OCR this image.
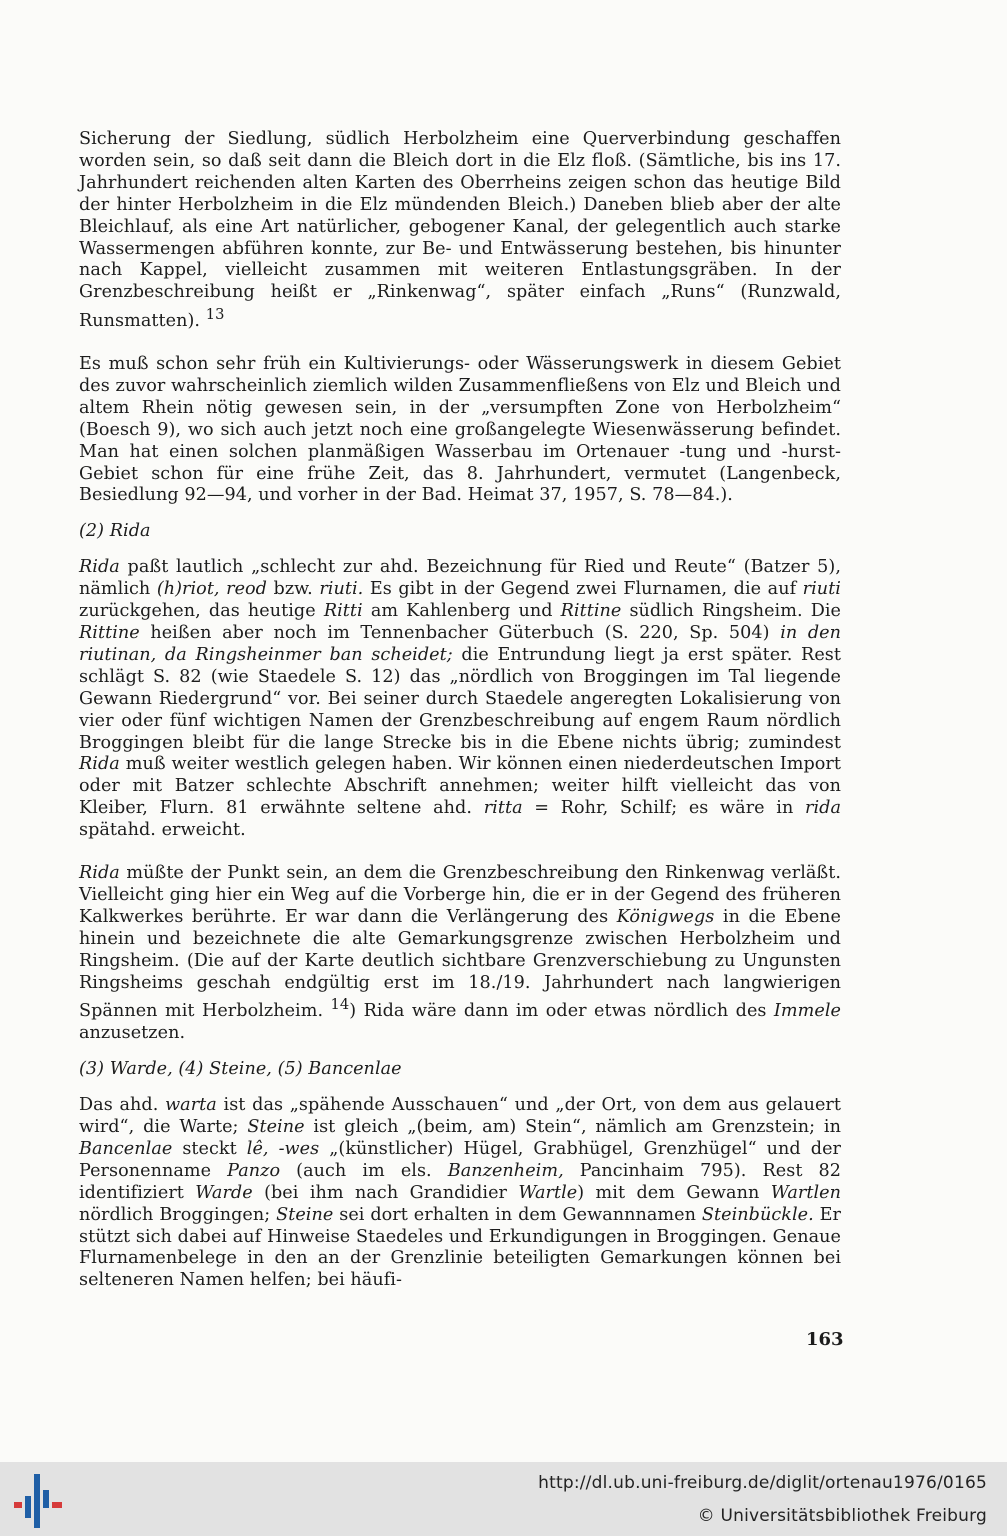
Sicherung der Siedlung, südlich Herbolzheim eine Querverbindung geschaffen worden sein, so daß seit dann die Bleich dort in die Elz floß. (Sämtliche, bis ins 17. Jahrhundert reichenden alten Karten des Oberrheins zeigen schon das heutige Bild der hinter Herbolzheim in die Elz mündenden Bleich.) Daneben blieb aber der alte Bleichlauf, als eine Art natürlicher, gebogener Kanal, der gelegentlich auch starke Wassermengen abführen konnte, zur Be- und Entwässerung bestehen, bis hinunter nach Kappel, vielleicht zusammen mit weiteren Entlastungsgräben. In der Grenzbeschreibung heißt er „Rinkenwag“, später einfach „Runs“ (Runzwald, Runsmatten). $^{13}$

Es muß schon sehr früh ein Kultivierungs- oder Wässerungswerk in diesem Gebiet des zuvor wahrscheinlich ziemlich wilden Zusammenfließens von Elz und Bleich und altem Rhein nötig gewesen sein, in der „versumpften Zone von Herbolzheim“ (Boesch 9), wo sich auch jetzt noch eine großangelegte Wiesenwässerung befindet. Man hat einen solchen planmäßigen Wasserbau im Ortenauer -tung und -hurst-Gebiet schon für eine frühe Zeit, das 8. Jahrhundert, vermutet (Langenbeck, Besiedlung 92—94, und vorher in der Bad. Heimat 37, 1957, S. 78—84.).

(2) Rida

Rida paßt lautlich „schlecht zur ahd. Bezeichnung für Ried und Reute“ (Batzer 5), nämlich (h)riot, reod bzw. riuti. Es gibt in der Gegend zwei Flurnamen, die auf riuti zurückgehen, das heutige Ritti am Kahlenberg und Rittine südlich Ringsheim. Die Rittine heißen aber noch im Tennenbacher Güterbuch (S. 220, Sp. 504) in den riutinan, da Ringsheinmer ban scheidet; die Entrundung liegt ja erst später. Rest schlägt S. 82 (wie Staedele S. 12) das „nördlich von Broggingen im Tal liegende Gewann Riedergrund“ vor. Bei seiner durch Staedele angeregten Lokalisierung von vier oder fünf wichtigen Namen der Grenzbeschreibung auf engem Raum nördlich Broggingen bleibt für die lange Strecke bis in die Ebene nichts übrig; zumindest Rida muß weiter westlich gelegen haben. Wir können einen niederdeutschen Import oder mit Batzer schlechte Abschrift annehmen; weiter hilft vielleicht das von Kleiber, Flurn. 81 erwähnte seltene ahd. ritta = Rohr, Schilf; es wäre in rida spätahd. erweicht.

Rida müßte der Punkt sein, an dem die Grenzbeschreibung den Rinkenwag verläßt. Vielleicht ging hier ein Weg auf die Vorberge hin, die er in der Gegend des früheren Kalkwerkes berührte. Er war dann die Verlängerung des Königwegs in die Ebene hinein und bezeichnete die alte Gemarkungsgrenze zwischen Herbolzheim und Ringsheim. (Die auf der Karte deutlich sichtbare Grenzverschiebung zu Ungunsten Ringsheims geschah endgültig erst im 18./19. Jahrhundert nach langwierigen Spännen mit Herbolzheim. $^{14}$) Rida wäre dann im oder etwas nördlich des Immele anzusetzen.

(3) Warde, (4) Steine, (5) Bancenlae

Das ahd. warta ist das „spähende Ausschauen“ und „der Ort, von dem aus gelauert wird“, die Warte; Steine ist gleich „(beim, am) Stein“, nämlich am Grenzstein; in Bancenlae steckt lê, -wes „(künstlicher) Hügel, Grabhügel, Grenzhügel“ und der Personenname Panzo (auch im els. Banzenheim, Pancinhaim 795). Rest 82 identifiziert Warde (bei ihm nach Grandidier Wartle) mit dem Gewann Wartlen nördlich Broggingen; Steine sei dort erhalten in dem Gewannnamen Steinbückle. Er stützt sich dabei auf Hinweise Staedeles und Erkundigungen in Broggingen. Genaue Flurnamenbelege in den an der Grenzlinie beteiligten Gemarkungen können bei selteneren Namen helfen; bei häufi-

163
http://dl.ub.uni-freiburg.de/diglit/ortenau1976/0165
© Universitätsbibliothek Freiburg
